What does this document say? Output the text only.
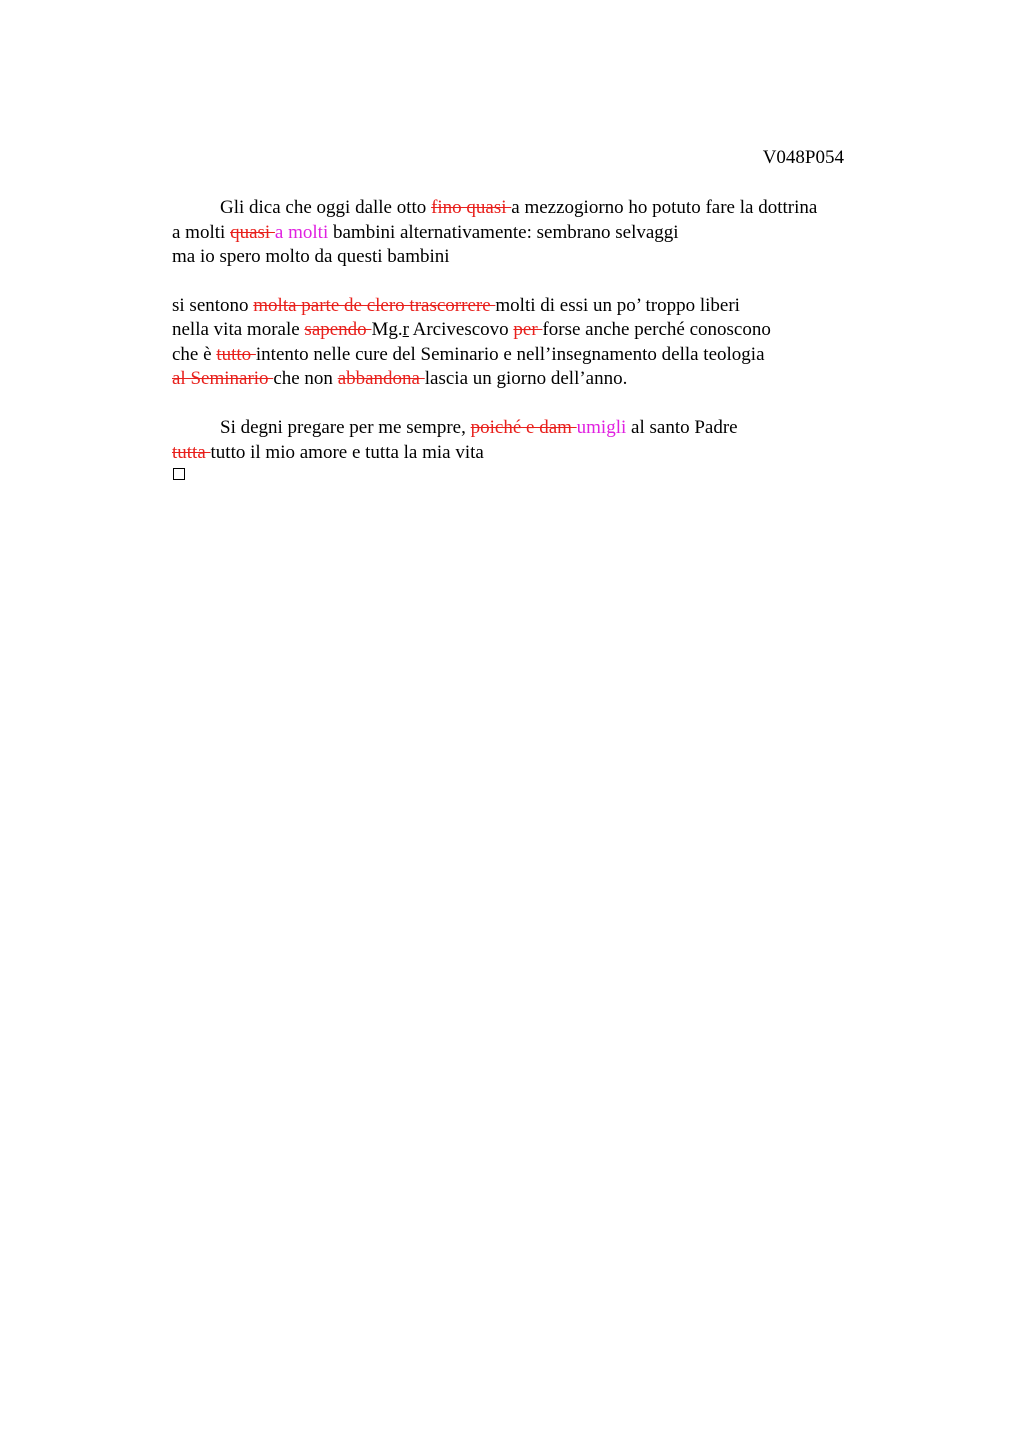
V048P054
Gli dica che oggi dalle otto fino quasi a mezzogiorno ho potuto fare la dottrina
a molti quasi a molti bambini alternativamente: sembrano selvaggi
ma io spero molto da questi bambini
si sentono molta parte de clero trascorrere molti di essi un po’ troppo liberi
nella vita morale sapendo Mg.r Arcivescovo per forse anche perché conoscono
che è tutto intento nelle cure del Seminario e nell’insegnamento della teologia
al Seminario che non abbandona lascia un giorno dell’anno.
Si degni pregare per me sempre, poiché e dam umigli al santo Padre
tutta tutto il mio amore e tutta la mia vita
